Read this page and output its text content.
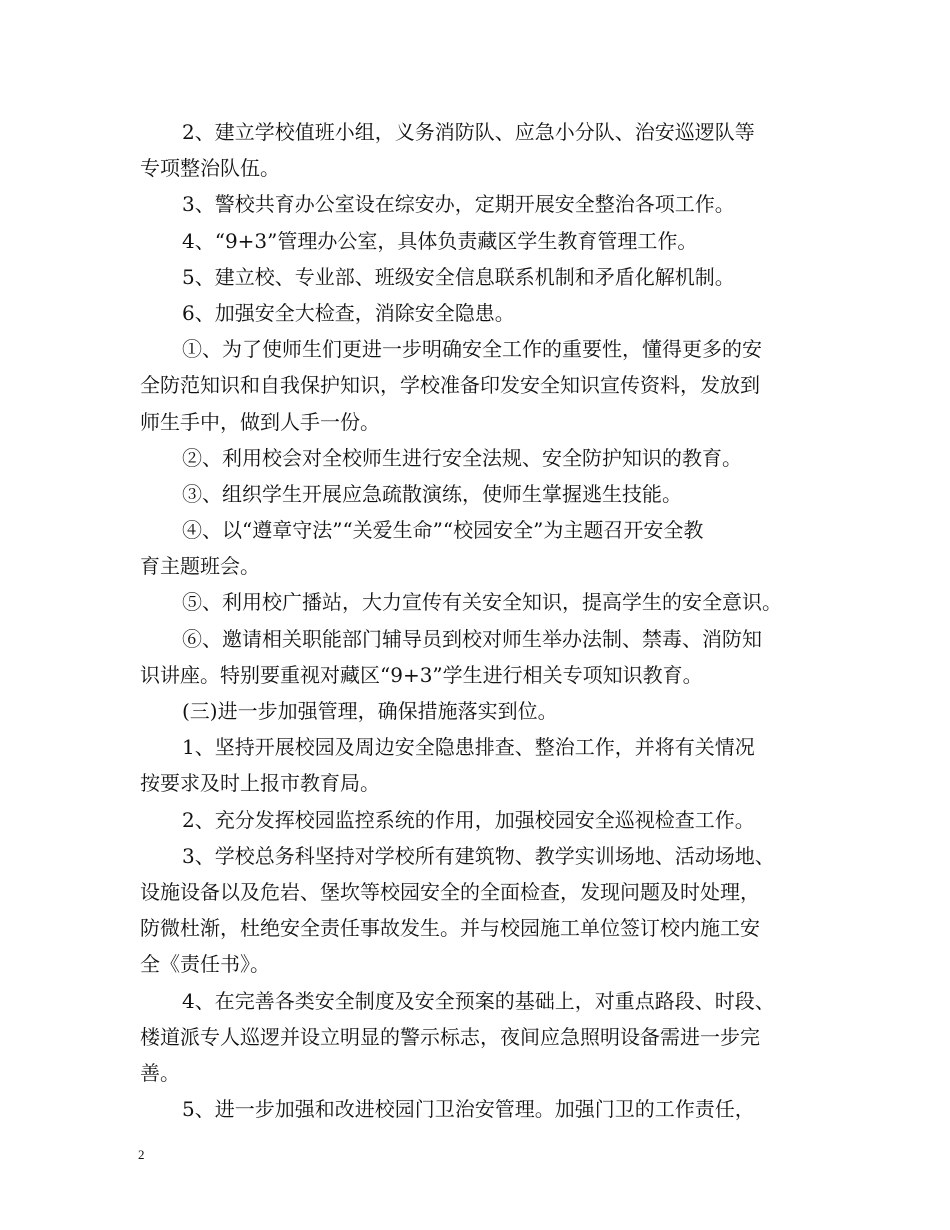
2、建立学校值班小组，义务消防队、应急小分队、治安巡逻队等
专项整治队伍。
3、警校共育办公室设在综安办，定期开展安全整治各项工作。
4、“9+3”管理办公室，具体负责藏区学生教育管理工作。
5、建立校、专业部、班级安全信息联系机制和矛盾化解机制。
6、加强安全大检查，消除安全隐患。
①、为了使师生们更进一步明确安全工作的重要性，懂得更多的安
全防范知识和自我保护知识，学校准备印发安全知识宣传资料，发放到
师生手中，做到人手一份。
②、利用校会对全校师生进行安全法规、安全防护知识的教育。
③、组织学生开展应急疏散演练，使师生掌握逃生技能。
④、以“遵章守法”“关爱生命”“校园安全”为主题召开安全教
育主题班会。
⑤、利用校广播站，大力宣传有关安全知识，提高学生的安全意识。
⑥、邀请相关职能部门辅导员到校对师生举办法制、禁毒、消防知
识讲座。特别要重视对藏区“9+3”学生进行相关专项知识教育。
(三)进一步加强管理，确保措施落实到位。
1、坚持开展校园及周边安全隐患排查、整治工作，并将有关情况
按要求及时上报市教育局。
2、充分发挥校园监控系统的作用，加强校园安全巡视检查工作。
3、学校总务科坚持对学校所有建筑物、教学实训场地、活动场地、
设施设备以及危岩、堡坎等校园安全的全面检查，发现问题及时处理，
防微杜渐，杜绝安全责任事故发生。并与校园施工单位签订校内施工安
全《责任书》。
4、在完善各类安全制度及安全预案的基础上，对重点路段、时段、
楼道派专人巡逻并设立明显的警示标志，夜间应急照明设备需进一步完
善。
5、进一步加强和改进校园门卫治安管理。加强门卫的工作责任，
2
